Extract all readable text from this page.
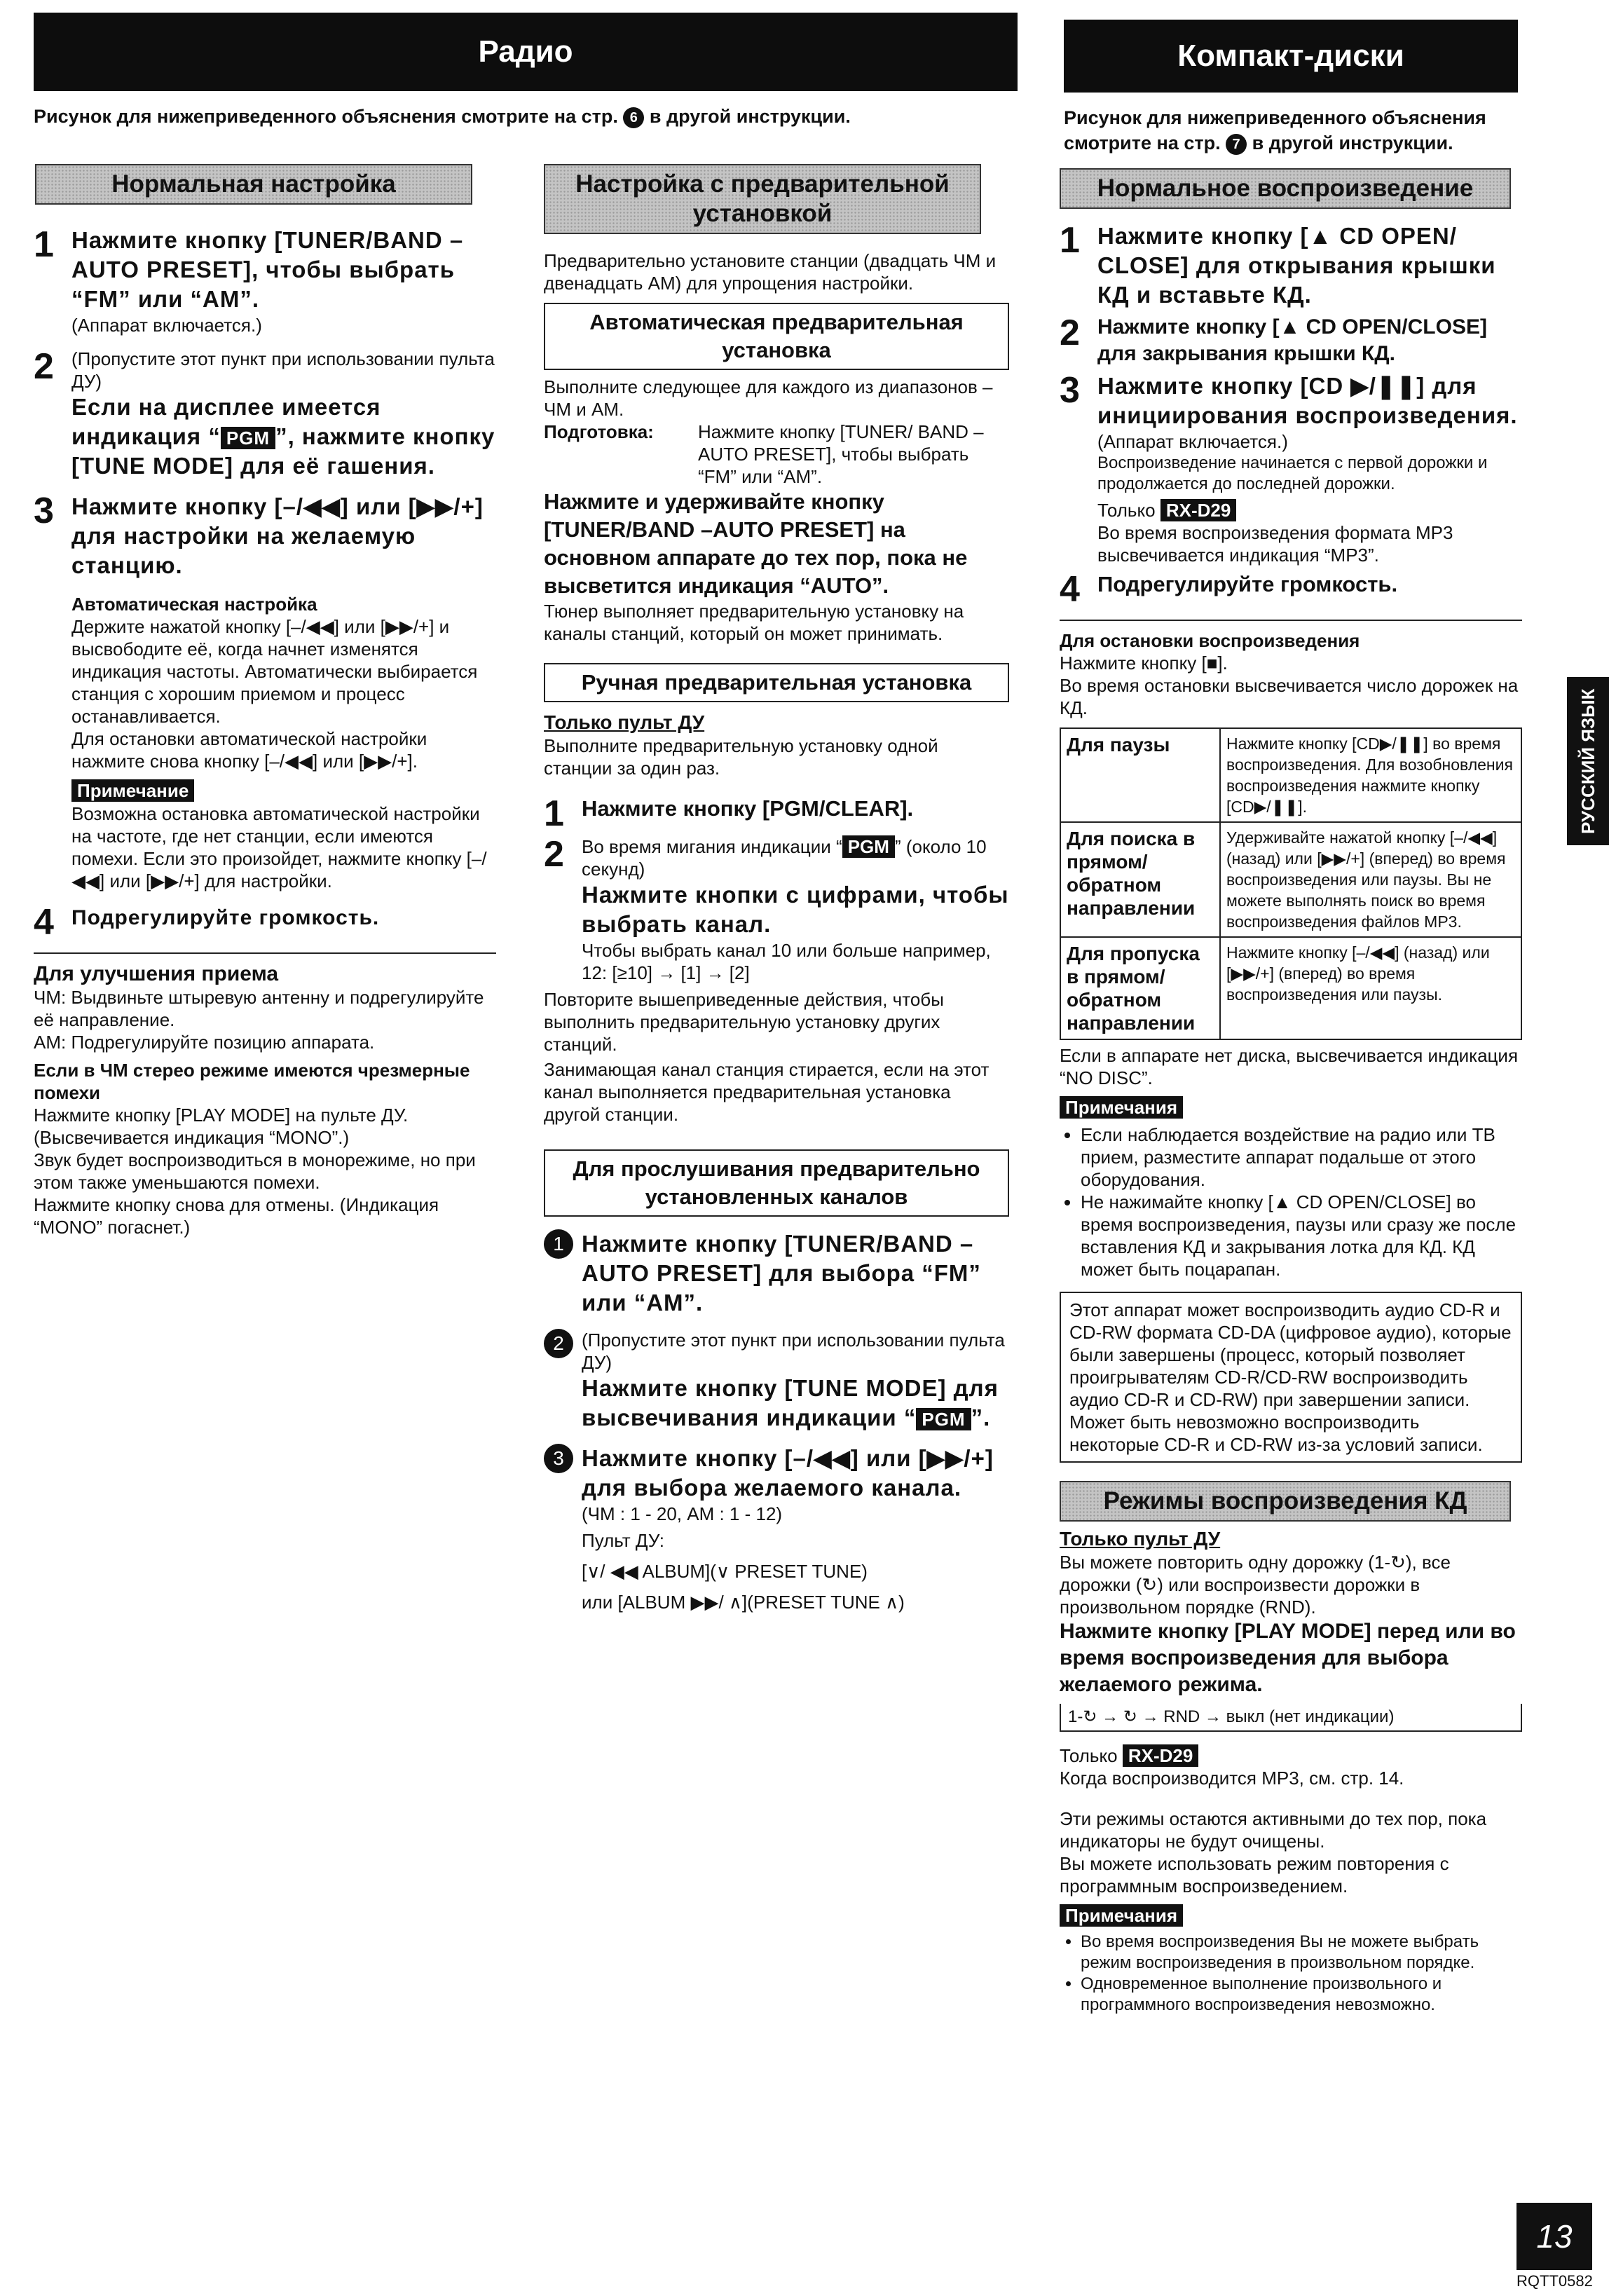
Радио	Компакт-диски
Рисунок для нижеприведенного объяснения смотрите на стр. 6 в другой инструкции.	Рисунок для нижеприведенного объяснения смотрите на стр. 7 в другой инструкции.
Нормальная настройка
1 Нажмите кнопку [TUNER/BAND –AUTO PRESET], чтобы выбрать “FM” или “AM”.
(Аппарат включается.)
2 (Пропустите этот пункт при использовании пульта ДУ)
Если на дисплее имеется индикация “ PGM ”, нажмите кнопку [TUNE MODE] для её гашения.
3 Нажмите кнопку [–/◀◀] или [▶▶/+] для настройки на желаемую станцию.
Автоматическая настройка
Держите нажатой кнопку [–/◀◀] или [▶▶/+] и высвободите её, когда начнет изменятся индикация частоты. Автоматически выбирается станция с хорошим приемом и процесс останавливается.
Для остановки автоматической настройки нажмите снова кнопку [–/◀◀] или [▶▶/+].
Примечание
Возможна остановка автоматической настройки на частоте, где нет станции, если имеются помехи. Если это произойдет, нажмите кнопку [–/◀◀] или [▶▶/+] для настройки.
4 Подрегулируйте громкость.
Для улучшения приема
ЧМ: Выдвиньте штыревую антенну и подрегулируйте её направление.
АМ: Подрегулируйте позицию аппарата.
Если в ЧМ стерео режиме имеются чрезмерные помехи
Нажмите кнопку [PLAY MODE] на пульте ДУ. (Высвечивается индикация “MONO”.)
Звук будет воспроизводиться в монорежиме, но при этом также уменьшаются помехи.
Нажмите кнопку снова для отмены. (Индикация “MONO” погаснет.)
Настройка с предварительной установкой
Предварительно установите станции (двадцать ЧМ и двенадцать АМ) для упрощения настройки.
Автоматическая предварительная установка
Выполните следующее для каждого из диапазонов – ЧМ и АМ.
Подготовка:	Нажмите кнопку [TUNER/ BAND –AUTO PRESET], чтобы выбрать “FM” или “AM”.
Нажмите и удерживайте кнопку [TUNER/BAND –AUTO PRESET] на основном аппарате до тех пор, пока не высветится индикация “AUTO”.
Тюнер выполняет предварительную установку на каналы станций, который он может принимать.
Ручная предварительная установка
Только пульт ДУ
Выполните предварительную установку одной станции за один раз.
1 Нажмите кнопку [PGM/CLEAR].
2 Во время мигания индикации “ PGM ” (около 10 секунд)
Нажмите кнопки с цифрами, чтобы выбрать канал.
Чтобы выбрать канал 10 или больше например, 12: [≥10] → [1] → [2]
Повторите вышеприведенные действия, чтобы выполнить предварительную установку других станций.
Занимающая канал станция стирается, если на этот канал выполняется предварительная установка другой станции.
Для прослушивания предварительно установленных каналов
1 Нажмите кнопку [TUNER/BAND –AUTO PRESET] для выбора “FM” или “AM”.
2 (Пропустите этот пункт при использовании пульта ДУ)
Нажмите кнопку [TUNE MODE] для высвечивания индикации “ PGM ”.
3 Нажмите кнопку [–/◀◀] или [▶▶/+] для выбора желаемого канала.
(ЧМ : 1 - 20, АМ : 1 - 12)
Пульт ДУ:
[∨/ ◀◀ ALBUM](∨ PRESET TUNE)
или [ALBUM ▶▶/ ∧](PRESET TUNE ∧)
Нормальное воспроизведение
1 Нажмите кнопку [▲ CD OPEN/ CLOSE] для открывания крышки КД и вставьте КД.
2 Нажмите кнопку [▲ CD OPEN/CLOSE] для закрывания крышки КД.
3 Нажмите кнопку [CD ▶/❚❚] для инициирования воспроизведения.
(Аппарат включается.)
Воспроизведение начинается с первой дорожки и продолжается до последней дорожки.
Только RX-D29
Во время воспроизведения формата MP3 высвечивается индикация “MP3”.
4 Подрегулируйте громкость.
Для остановки воспроизведения
Нажмите кнопку [■].
Во время остановки высвечивается число дорожек на КД.
Для паузы	Нажмите кнопку [CD▶/❚❚] во время воспроизведения. Для возобновления воспроизведения нажмите кнопку [CD▶/❚❚].
Для поиска в прямом/ обратном направлении	Удерживайте нажатой кнопку [–/◀◀] (назад) или [▶▶/+] (вперед) во время воспроизведения или паузы. Вы не можете выполнять поиск во время воспроизведения файлов MP3.
Для пропуска в прямом/ обратном направлении	Нажмите кнопку [–/◀◀] (назад) или [▶▶/+] (вперед) во время воспроизведения или паузы.
Если в аппарате нет диска, высвечивается индикация “NO DISC”.
Примечания
• Если наблюдается воздействие на радио или ТВ прием, разместите аппарат подальше от этого оборудования.
• Не нажимайте кнопку [▲ CD OPEN/CLOSE] во время воспроизведения, паузы или сразу же после вставления КД и закрывания лотка для КД. КД может быть поцарапан.
Этот аппарат может воспроизводить аудио CD-R и CD-RW формата CD-DA (цифровое аудио), которые были завершены (процесс, который позволяет проигрывателям CD-R/CD-RW воспроизводить аудио CD-R и CD-RW) при завершении записи.
Может быть невозможно воспроизводить некоторые CD-R и CD-RW из-за условий записи.
Режимы воспроизведения КД
Только пульт ДУ
Вы можете повторить одну дорожку (1-↻), все дорожки (↻) или воспроизвести дорожки в произвольном порядке (RND).
Нажмите кнопку [PLAY MODE] перед или во время воспроизведения для выбора желаемого режима.
1-↻ → ↻ → RND → выкл (нет индикации)
Только RX-D29
Когда воспроизводится MP3, см. стр. 14.
Эти режимы остаются активными до тех пор, пока индикаторы не будут очищены.
Вы можете использовать режим повторения с программным воспроизведением.
Примечания
• Во время воспроизведения Вы не можете выбрать режим воспроизведения в произвольном порядке.
• Одновременное выполнение произвольного и программного воспроизведения невозможно.
РУССКИЙ ЯЗЫК
13
RQTT0582
